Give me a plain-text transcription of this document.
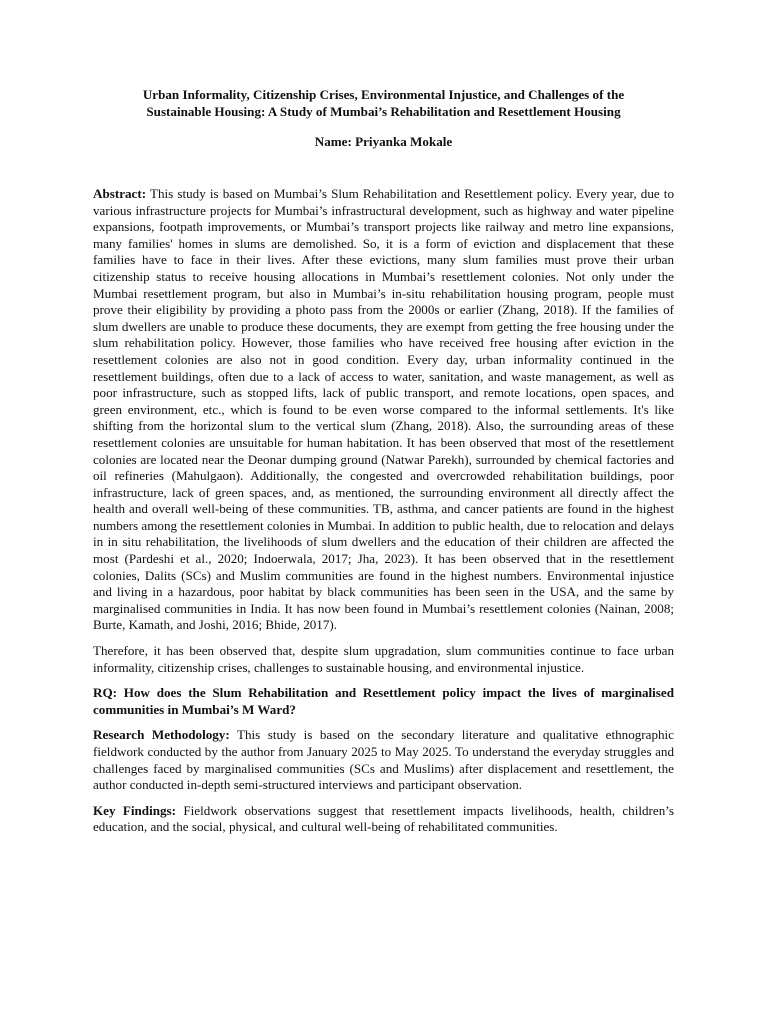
Urban Informality, Citizenship Crises, Environmental Injustice, and Challenges of the
Sustainable Housing: A Study of Mumbai’s Rehabilitation and Resettlement Housing

Name: Priyanka Mokale

Abstract: This study is based on Mumbai’s Slum Rehabilitation and Resettlement policy. Every year, due to various infrastructure projects for Mumbai’s infrastructural development, such as highway and water pipeline expansions, footpath improvements, or Mumbai’s transport projects like railway and metro line expansions, many families' homes in slums are demolished. So, it is a form of eviction and displacement that these families have to face in their lives. After these evictions, many slum families must prove their urban citizenship status to receive housing allocations in Mumbai’s resettlement colonies. Not only under the Mumbai resettlement program, but also in Mumbai’s in-situ rehabilitation housing program, people must prove their eligibility by providing a photo pass from the 2000s or earlier (Zhang, 2018). If the families of slum dwellers are unable to produce these documents, they are exempt from getting the free housing under the slum rehabilitation policy. However, those families who have received free housing after eviction in the resettlement colonies are also not in good condition. Every day, urban informality continued in the resettlement buildings, often due to a lack of access to water, sanitation, and waste management, as well as poor infrastructure, such as stopped lifts, lack of public transport, and remote locations, open spaces, and green environment, etc., which is found to be even worse compared to the informal settlements. It's like shifting from the horizontal slum to the vertical slum (Zhang, 2018). Also, the surrounding areas of these resettlement colonies are unsuitable for human habitation. It has been observed that most of the resettlement colonies are located near the Deonar dumping ground (Natwar Parekh), surrounded by chemical factories and oil refineries (Mahulgaon). Additionally, the congested and overcrowded rehabilitation buildings, poor infrastructure, lack of green spaces, and, as mentioned, the surrounding environment all directly affect the health and overall well-being of these communities. TB, asthma, and cancer patients are found in the highest numbers among the resettlement colonies in Mumbai. In addition to public health, due to relocation and delays in in situ rehabilitation, the livelihoods of slum dwellers and the education of their children are affected the most (Pardeshi et al., 2020; Indoerwala, 2017; Jha, 2023). It has been observed that in the resettlement colonies, Dalits (SCs) and Muslim communities are found in the highest numbers. Environmental injustice and living in a hazardous, poor habitat by black communities has been seen in the USA, and the same by marginalised communities in India. It has now been found in Mumbai’s resettlement colonies (Nainan, 2008; Burte, Kamath, and Joshi, 2016; Bhide, 2017).

Therefore, it has been observed that, despite slum upgradation, slum communities continue to face urban informality, citizenship crises, challenges to sustainable housing, and environmental injustice.

RQ: How does the Slum Rehabilitation and Resettlement policy impact the lives of marginalised communities in Mumbai’s M Ward?

Research Methodology: This study is based on the secondary literature and qualitative ethnographic fieldwork conducted by the author from January 2025 to May 2025. To understand the everyday struggles and challenges faced by marginalised communities (SCs and Muslims) after displacement and resettlement, the author conducted in-depth semi-structured interviews and participant observation.

Key Findings: Fieldwork observations suggest that resettlement impacts livelihoods, health, children’s education, and the social, physical, and cultural well-being of rehabilitated communities.
